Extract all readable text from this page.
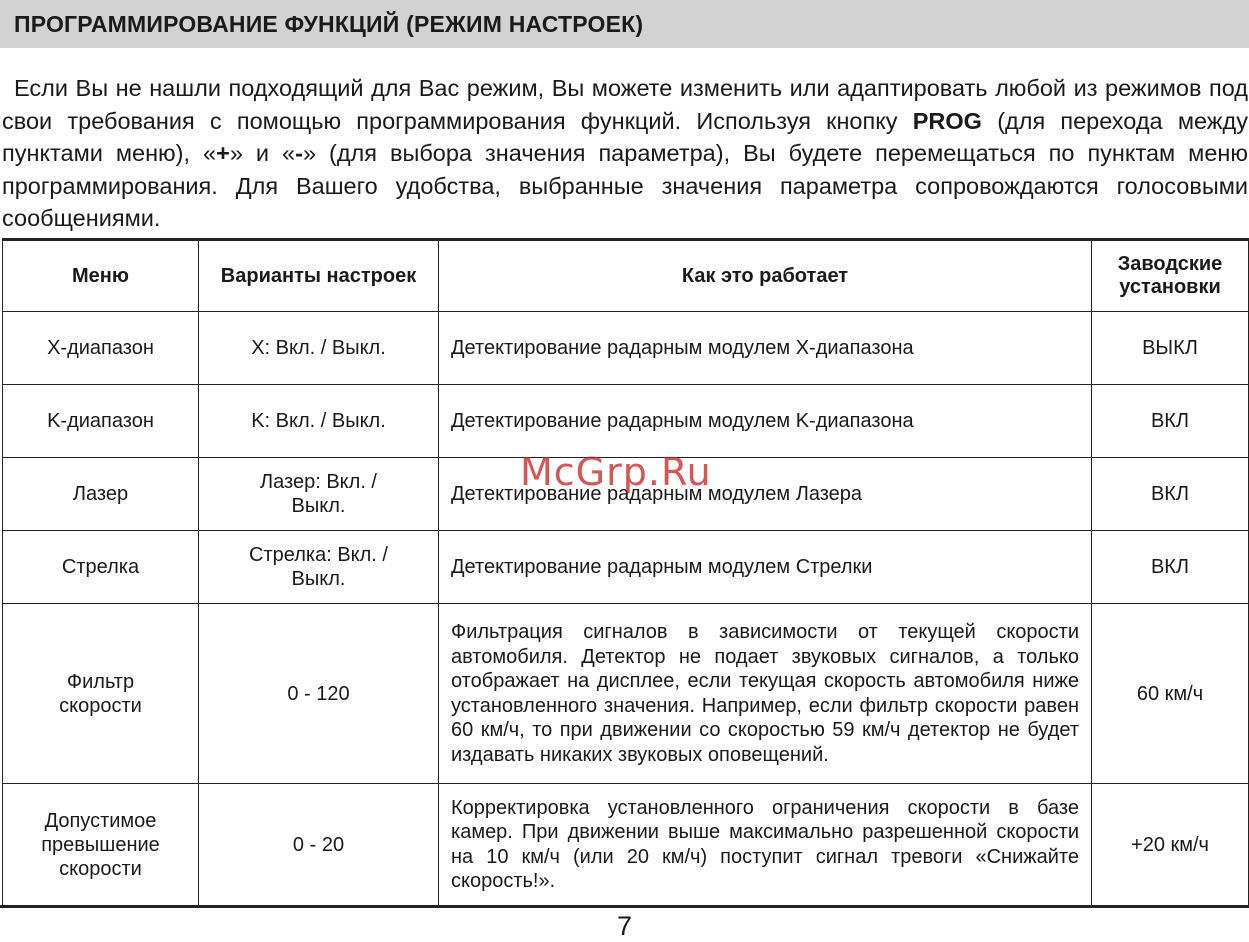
ПРОГРАММИРОВАНИЕ ФУНКЦИЙ (РЕЖИМ НАСТРОЕК)

Если Вы не нашли подходящий для Вас режим, Вы можете изменить или адаптировать любой из режимов под свои требования с помощью программирования функций. Используя кнопку PROG (для перехода между пунктами меню), «+» и «-» (для выбора значения параметра), Вы будете перемещаться по пунктам меню программирования. Для Вашего удобства, выбранные значения параметра сопровождаются голосовыми сообщениями.

Меню	Варианты настроек	Как это работает	Заводские установки
X-диапазон	X: Вкл. / Выкл.	Детектирование радарным модулем X-диапазона	ВЫКЛ
K-диапазон	K: Вкл. / Выкл.	Детектирование радарным модулем K-диапазона	ВКЛ
Лазер	Лазер: Вкл. / Выкл.	Детектирование радарным модулем Лазера	ВКЛ
Стрелка	Стрелка: Вкл. / Выкл.	Детектирование радарным модулем Стрелки	ВКЛ
Фильтр скорости	0 - 120	Фильтрация сигналов в зависимости от текущей скорости автомобиля. Детектор не подает звуковых сигналов, а только отображает на дисплее, если текущая скорость автомобиля ниже установленного значения. Например, если фильтр скорости равен 60 км/ч, то при движении со скоростью 59 км/ч детектор не будет издавать никаких звуковых оповещений.	60 км/ч
Допустимое превышение скорости	0 - 20	Корректировка установленного ограничения скорости в базе камер. При движении выше максимально разрешенной скорости на 10 км/ч (или 20 км/ч) поступит сигнал тревоги «Снижайте скорость!».	+20 км/ч
McGrp.Ru
7
